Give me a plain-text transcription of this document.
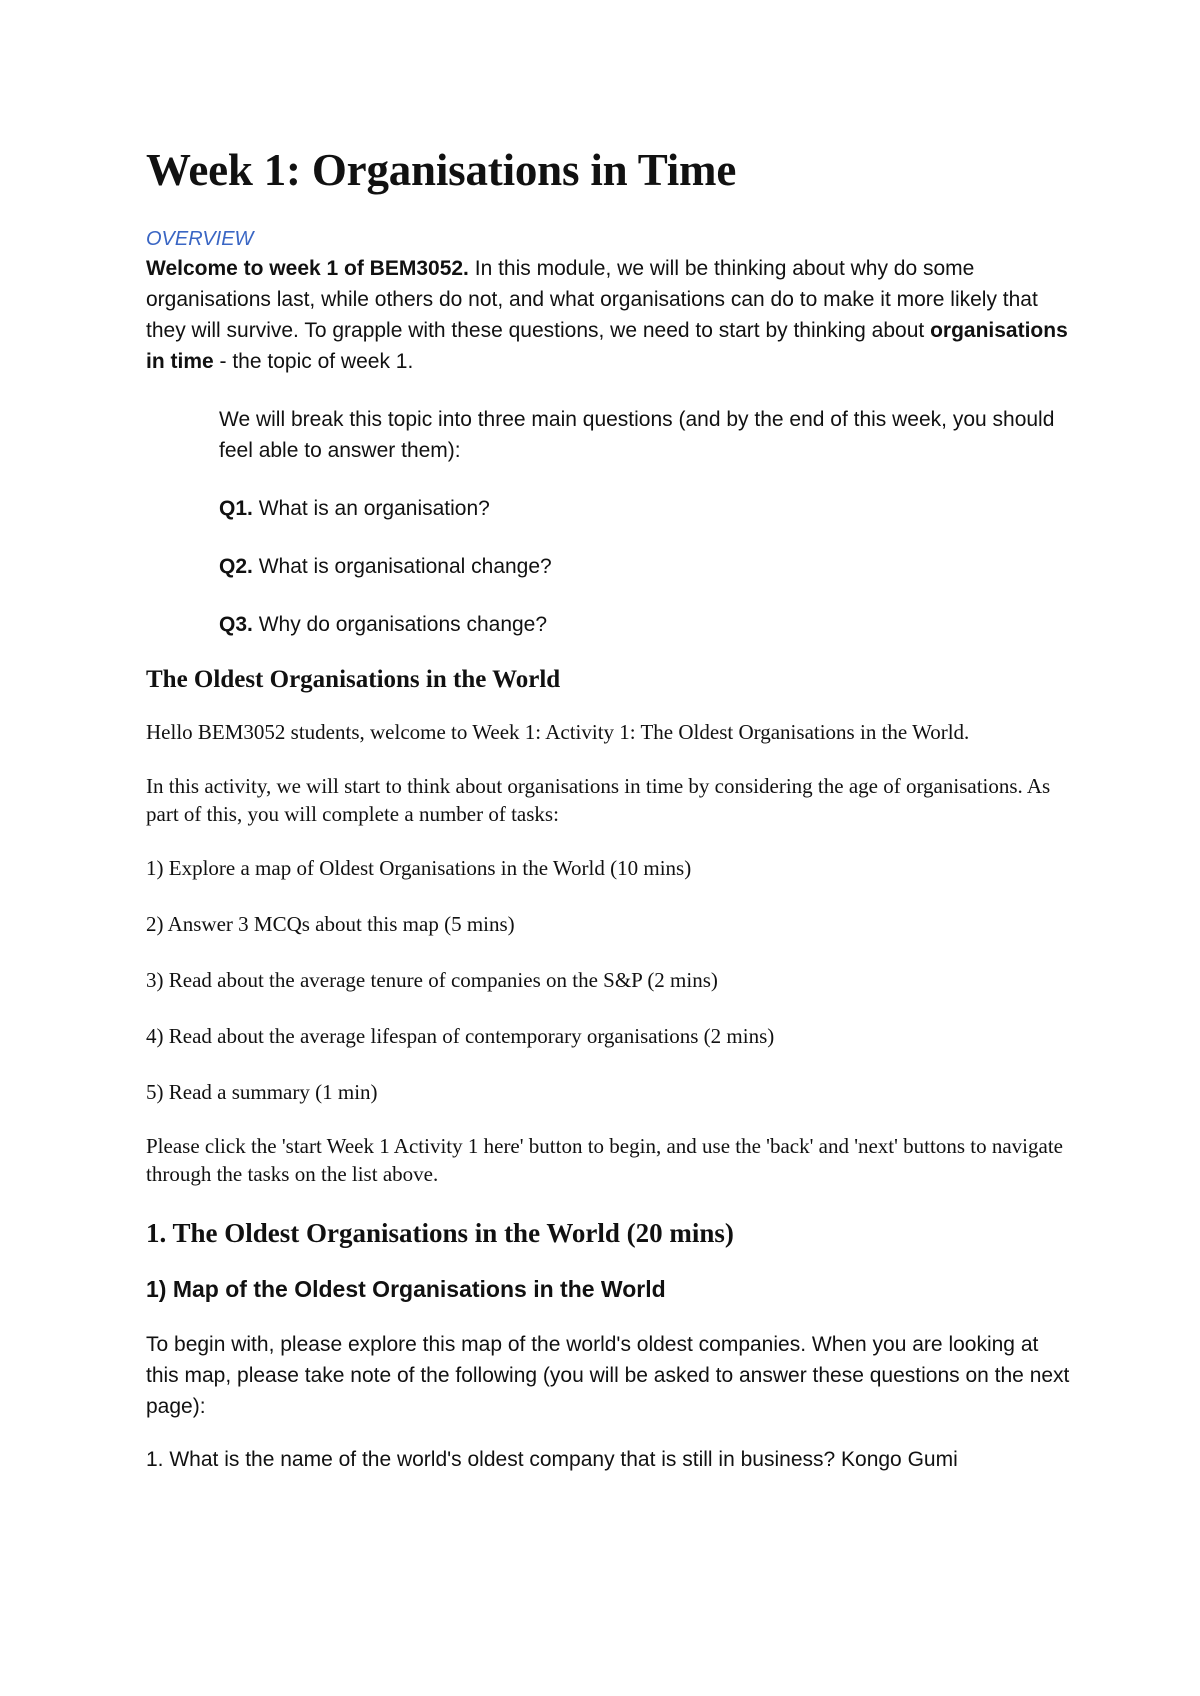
Week 1: Organisations in Time

OVERVIEW

Welcome to week 1 of BEM3052. In this module, we will be thinking about why do some organisations last, while others do not, and what organisations can do to make it more likely that they will survive. To grapple with these questions, we need to start by thinking about organisations in time - the topic of week 1.

We will break this topic into three main questions (and by the end of this week, you should feel able to answer them):

Q1. What is an organisation?

Q2. What is organisational change?

Q3. Why do organisations change?

The Oldest Organisations in the World

Hello BEM3052 students, welcome to Week 1: Activity 1: The Oldest Organisations in the World.

In this activity, we will start to think about organisations in time by considering the age of organisations. As part of this, you will complete a number of tasks:

1) Explore a map of Oldest Organisations in the World (10 mins)

2) Answer 3 MCQs about this map (5 mins)

3) Read about the average tenure of companies on the S&P (2 mins)

4) Read about the average lifespan of contemporary organisations (2 mins)

5) Read a summary (1 min)

Please click the 'start Week 1 Activity 1 here' button to begin, and use the 'back' and 'next' buttons to navigate through the tasks on the list above.

1. The Oldest Organisations in the World (20 mins)
1) Map of the Oldest Organisations in the World

To begin with, please explore this map of the world's oldest companies. When you are looking at this map, please take note of the following (you will be asked to answer these questions on the next page):

1. What is the name of the world's oldest company that is still in business? Kongo Gumi
